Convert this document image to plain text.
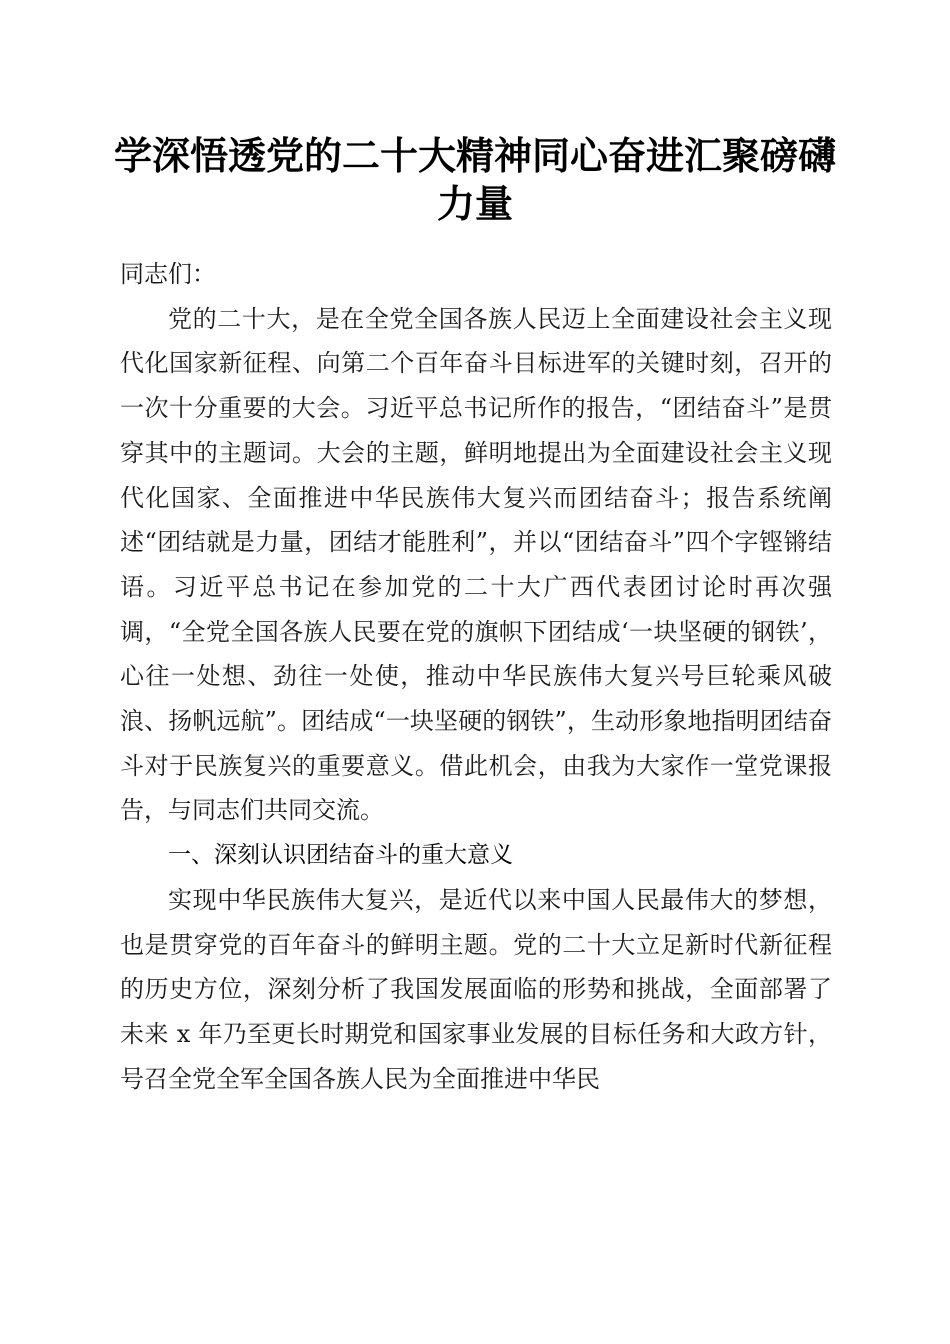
学深悟透党的二十大精神同心奋进汇聚磅礴力量

同志们：

党的二十大，是在全党全国各族人民迈上全面建设社会主义现代化国家新征程、向第二个百年奋斗目标进军的关键时刻，召开的一次十分重要的大会。习近平总书记所作的报告，“团结奋斗”是贯穿其中的主题词。大会的主题，鲜明地提出为全面建设社会主义现代化国家、全面推进中华民族伟大复兴而团结奋斗；报告系统阐述“团结就是力量，团结才能胜利”，并以“团结奋斗”四个字铿锵结语。习近平总书记在参加党的二十大广西代表团讨论时再次强调，“全党全国各族人民要在党的旗帜下团结成‘一块坚硬的钢铁’，心往一处想、劲往一处使，推动中华民族伟大复兴号巨轮乘风破浪、扬帆远航”。团结成“一块坚硬的钢铁”，生动形象地指明团结奋斗对于民族复兴的重要意义。借此机会，由我为大家作一堂党课报告，与同志们共同交流。

一、深刻认识团结奋斗的重大意义

实现中华民族伟大复兴，是近代以来中国人民最伟大的梦想，也是贯穿党的百年奋斗的鲜明主题。党的二十大立足新时代新征程的历史方位，深刻分析了我国发展面临的形势和挑战，全面部署了未来 x 年乃至更长时期党和国家事业发展的目标任务和大政方针，号召全党全军全国各族人民为全面推进中华民
